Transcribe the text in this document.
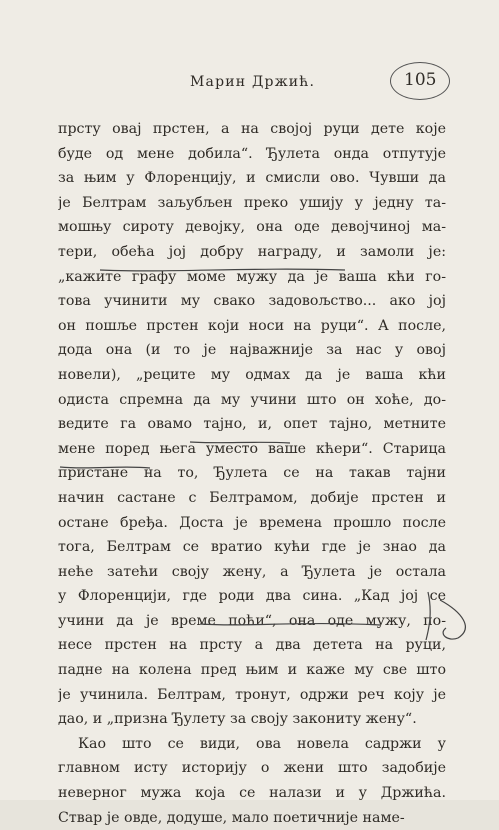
Марин Држић.	105
прсту овај прстен, а на својој руци дете које
буде од мене добила“. Ђулета онда отпутује
за њим у Флоренцију, и смисли ово. Чувши да
је Белтрам заљубљен преко ушију у једну та-
мошњу сироту девојку, она оде девојчиној ма-
тери, обећа јој добру награду, и замоли је:
„кажите графу моме мужу да је ваша кћи го-
това учинити му свако задовољство... ако јој
он пошље прстен који носи на руци“. А после,
дода она (и то је најважније за нас у овој
новели), „реците му одмах да је ваша кћи
одиста спремна да му учини што он хоће, до-
ведите га овамо тајно, и, опет тајно, метните
мене поред њега уместо ваше кћери“. Старица
пристане на то, Ђулета се на такав тајни
начин састане с Белтрамом, добије прстен и
остане бређа. Доста је времена прошло после
тога, Белтрам се вратио кући где је знао да
неће затећи своју жену, а Ђулета је остала
у Флоренцији, где роди два сина. „Кад јој се
учини да је време поћи“, она оде мужу, по-
несе прстен на прсту а два детета на руци,
падне на колена пред њим и каже му све што
је учинила. Белтрам, тронут, одржи реч коју је
дао, и „призна Ђулету за своју закониту жену“.
Као што се види, ова новела садржи у
главном исту историју о жени што задобије
неверног мужа која се налази и у Држића.
Ствар је овде, додуше, мало поетичније наме-
